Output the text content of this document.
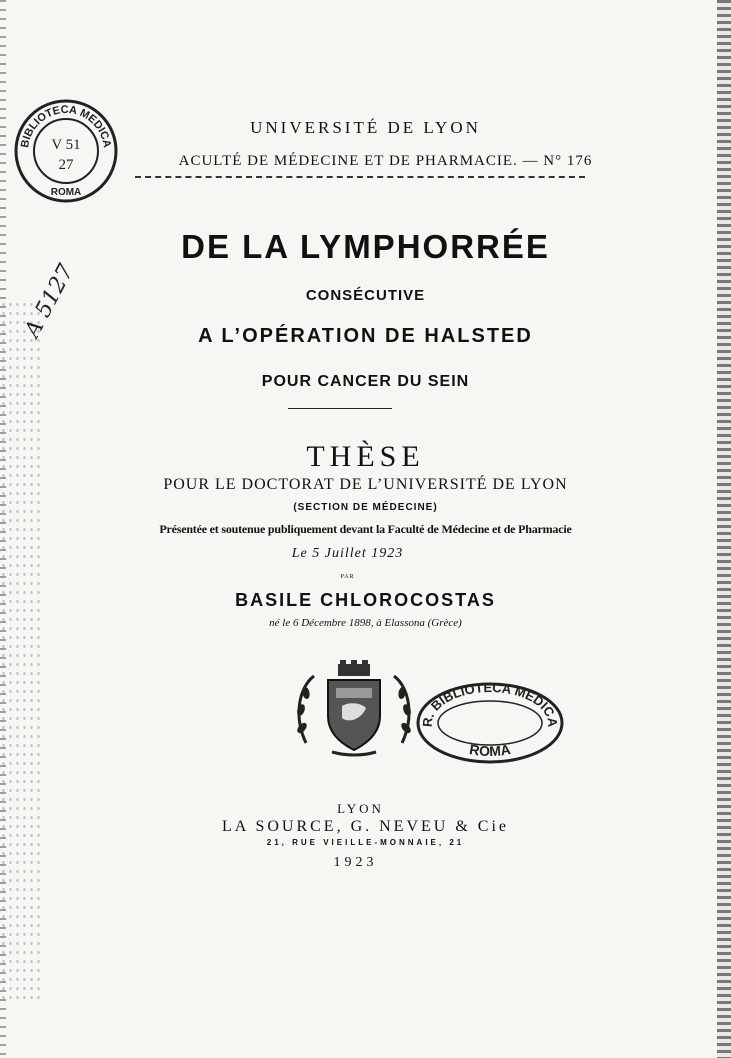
BIBLIOTECA MEDICA
ROMA
V 51
27
A 5127
UNIVERSITÉ DE LYON
ACULTÉ DE MÉDECINE ET DE PHARMACIE. — N° 176
DE LA LYMPHORRÉE
CONSÉCUTIVE
A L’OPÉRATION DE HALSTED
POUR CANCER DU SEIN
THÈSE
POUR LE DOCTORAT DE L’UNIVERSITÉ DE LYON
(SECTION DE MÉDECINE)
Présentée et soutenue publiquement devant la Faculté de Médecine et de Pharmacie
Le 5 Juillet 1923
PAR
BASILE CHLOROCOSTAS
né le 6 Décembre 1898, à Elassona (Grèce)
R. BIBLIOTECA MEDICA
ROMA
LYON
LA SOURCE, G. NEVEU & Cie
21, RUE VIEILLE-MONNAIE, 21
1923
